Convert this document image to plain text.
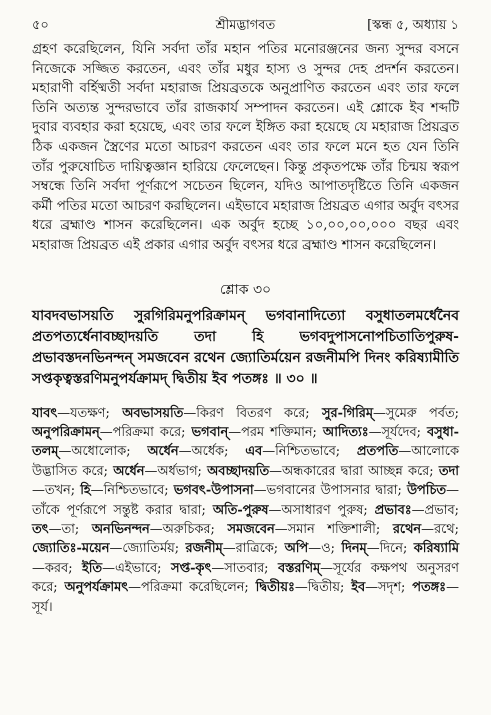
৫০	শ্রীমদ্ভাগবত	[স্কন্ধ ৫, অধ্যায় ১

গ্রহণ করেছিলেন, যিনি সর্বদা তাঁর মহান পতির মনোরঞ্জনের জন্য সুন্দর বসনে নিজেকে সজ্জিত করতেন, এবং তাঁর মধুর হাস্য ও সুন্দর দেহ প্রদর্শন করতেন। মহারাণী বর্হিষ্মতী সর্বদা মহারাজ প্রিয়ব্রতকে অনুপ্রাণিত করতেন এবং তার ফলে তিনি অত্যন্ত সুন্দরভাবে তাঁর রাজকার্য সম্পাদন করতেন। এই শ্লোকে ইব শব্দটি দুবার ব্যবহার করা হয়েছে, এবং তার ফলে ইঙ্গিত করা হয়েছে যে মহারাজ প্রিয়ব্রত ঠিক একজন স্ত্রৈণের মতো আচরণ করতেন এবং তার ফলে মনে হত যেন তিনি তাঁর পুরুষোচিত দায়িত্বজ্ঞান হারিয়ে ফেলেছেন। কিন্তু প্রকৃতপক্ষে তাঁর চিন্ময় স্বরূপ সম্বন্ধে তিনি সর্বদা পূর্ণরূপে সচেতন ছিলেন, যদিও আপাতদৃষ্টিতে তিনি একজন কর্মী পতির মতো আচরণ করছিলেন। এইভাবে মহারাজ প্রিয়ব্রত এগার অর্বুদ বৎসর ধরে ব্রহ্মাণ্ড শাসন করেছিলেন। এক অর্বুদ হচ্ছে ১০,০০,০০,০০০ বছর এবং মহারাজ প্রিয়ব্রত এই প্রকার এগার অর্বুদ বৎসর ধরে ব্রহ্মাণ্ড শাসন করেছিলেন।

শ্লোক ৩০
যাবদবভাসয়তি সুরগিরিমনুপরিক্রামন্ ভগবানাদিত্যো বসুধাতলমর্ধেনৈব প্রতপত্যর্ধেনাবচ্ছাদয়তি তদা হি ভগবদুপাসনোপচিতাতিপুরুষ-প্রভাবস্তদনভিনন্দন্ সমজবেন রথেন জ্যোতির্ময়েন রজনীমপি দিনং করিষ্যামীতি সপ্তকৃত্বস্তরণিমনুপর্যক্রামদ্ দ্বিতীয় ইব পতঙ্গঃ ॥ ৩০ ॥

যাবৎ—যতক্ষণ; অবভাসয়তি—কিরণ বিতরণ করে; সুর-গিরিম্—সুমেরু পর্বত; অনুপরিক্রামন্—পরিক্রমা করে; ভগবান্—পরম শক্তিমান; আদিত্যঃ—সূর্যদেব; বসুধা-তলম্—অধোলোক; অর্ধেন—অর্ধেক; এব—নিশ্চিতভাবে; প্রতপতি—আলোকে উদ্ভাসিত করে; অর্ধেন—অর্ধভাগ; অবচ্ছাদয়তি—অন্ধকারের দ্বারা আচ্ছন্ন করে; তদা—তখন; হি—নিশ্চিতভাবে; ভগবৎ-উপাসনা—ভগবানের উপাসনার দ্বারা; উপচিত—তাঁকে পূর্ণরূপে সন্তুষ্ট করার দ্বারা; অতি-পুরুষ—অসাধারণ পুরুষ; প্রভাবঃ—প্রভাব; তৎ—তা; অনভিনন্দন—অরুচিকর; সমজবেন—সমান শক্তিশালী; রথেন—রথে; জ্যোতিঃ-ময়েন—জ্যোতির্ময়; রজনীম্—রাত্রিকে; অপি—ও; দিনম্—দিনে; করিষ্যামি—করব; ইতি—এইভাবে; সপ্ত-কৃৎ—সাতবার; বস্তরণিম্—সূর্যের কক্ষপথ অনুসরণ করে; অনুপর্যক্রামৎ—পরিক্রমা করেছিলেন; দ্বিতীয়ঃ—দ্বিতীয়; ইব—সদৃশ; পতঙ্গঃ—সূর্য।
